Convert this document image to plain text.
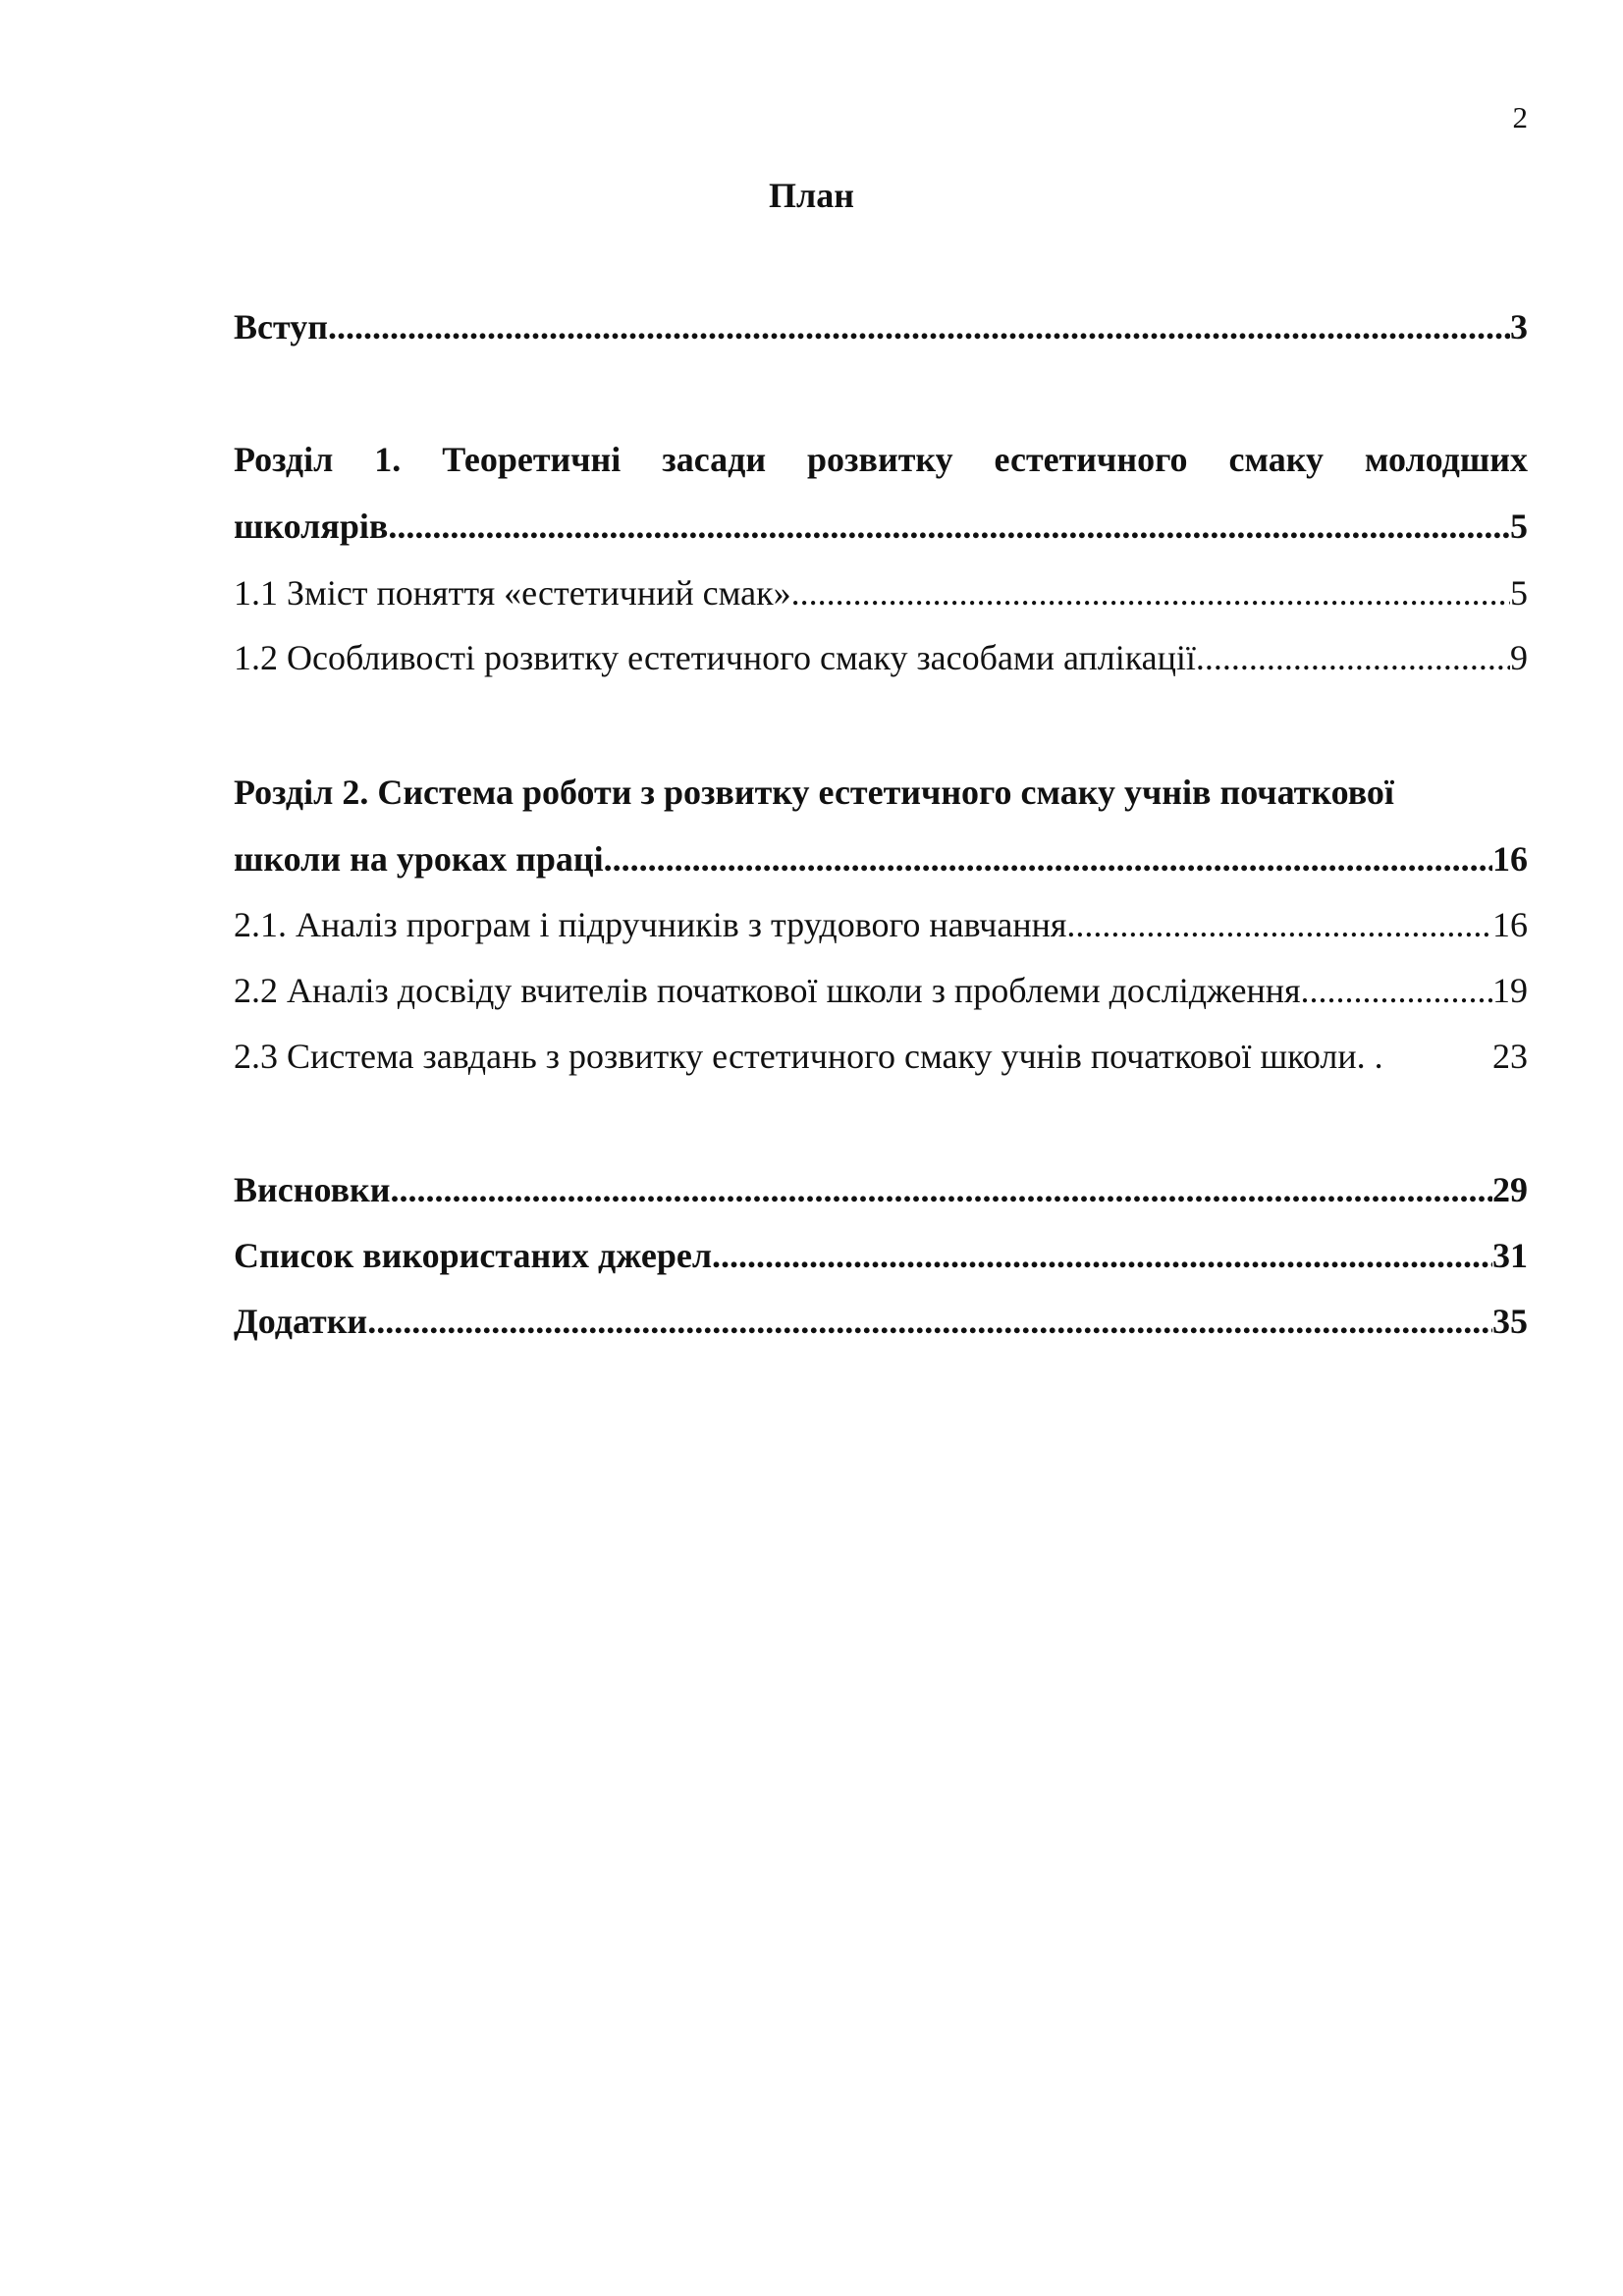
2
План
Вступ .....	3
Розділ 1. Теоретичні засади розвитку естетичного смаку молодших
школярів .....	5
1.1 Зміст поняття «естетичний смак» .....	5
1.2 Особливості розвитку естетичного смаку засобами аплікації .....	9
Розділ 2. Система роботи з розвитку естетичного смаку учнів початкової
школи на уроках праці .....	16
2.1. Аналіз програм і підручників з трудового навчання .....	16
2.2 Аналіз досвіду вчителів початкової школи з проблеми дослідження .....	19
2.3 Система завдань з розвитку естетичного смаку учнів початкової школи. .	23
Висновки .....	29
Список використаних джерел .....	31
Додатки .....	35
